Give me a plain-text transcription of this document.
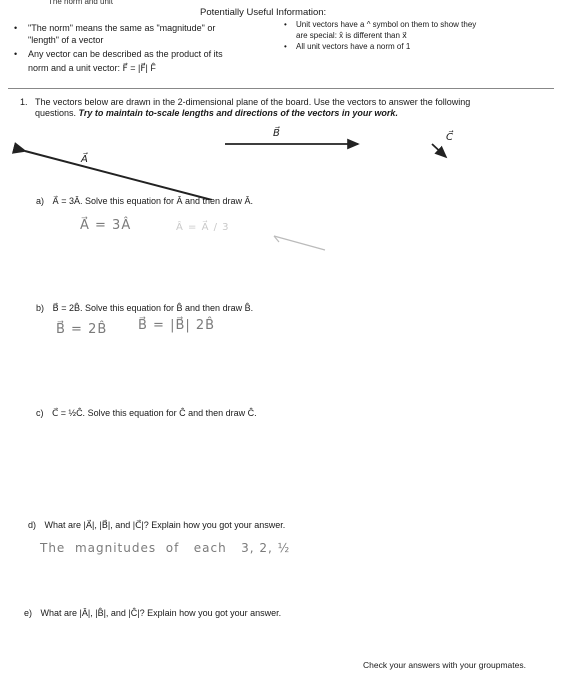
The norm and unit
Potentially Useful Information:
• "The norm" means the same as "magnitude" or
"length" of a vector
• Any vector can be described as the product of its
norm and a unit vector: F⃗ = |F⃗| F̂
• Unit vectors have a ^ symbol on them to show they
are special: x̂ is different than x⃗
• All unit vectors have a norm of 1
1. The vectors below are drawn in the 2-dimensional plane of the board. Use the vectors to answer the following
questions. Try to maintain to-scale lengths and directions of the vectors in your work.
A⃗
B⃗	C⃗
a) A⃗ = 3Â. Solve this equation for Â and then draw Â.
A⃗ = 3Â	Â = A⃗ / 3
b) B⃗ = 2B̂. Solve this equation for B̂ and then draw B̂.
B⃗ = 2B̂ B⃗ = |B⃗| 2B̂
c) C⃗ = ½Ĉ. Solve this equation for Ĉ and then draw Ĉ.
d) What are |A⃗|, |B⃗|, and |C⃗|? Explain how you got your answer.
The  magnitudes  of   each   3, 2, ½
e) What are |Â|, |B̂|, and |Ĉ|? Explain how you got your answer.
Check your answers with your groupmates.
